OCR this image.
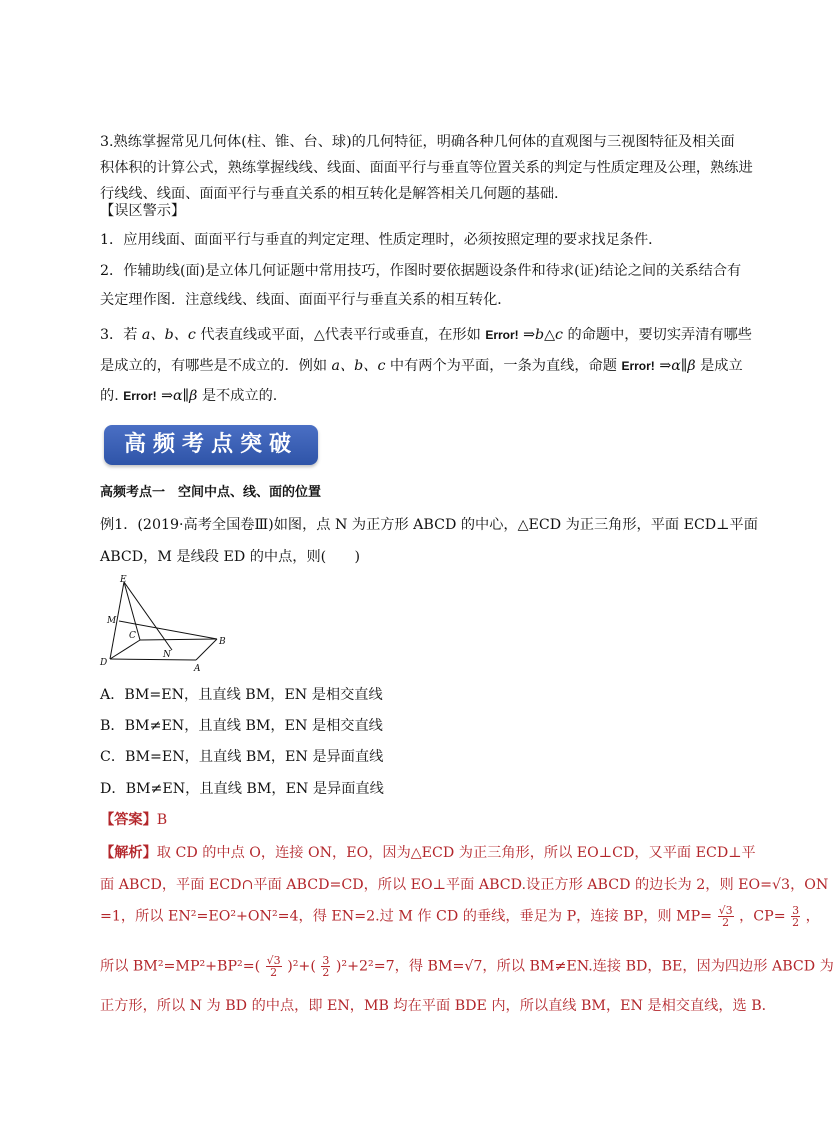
3.熟练掌握常见几何体(柱、锥、台、球)的几何特征，明确各种几何体的直观图与三视图特征及相关面
积体积的计算公式，熟练掌握线线、线面、面面平行与垂直等位置关系的判定与性质定理及公理，熟练进
行线线、线面、面面平行与垂直关系的相互转化是解答相关几何题的基础.
【误区警示】
1．应用线面、面面平行与垂直的判定定理、性质定理时，必须按照定理的要求找足条件．
2．作辅助线(面)是立体几何证题中常用技巧，作图时要依据题设条件和待求(证)结论之间的关系结合有
关定理作图．注意线线、线面、面面平行与垂直关系的相互转化．
3．若 a、b、c 代表直线或平面，△代表平行或垂直，在形如 Error! ⇒b△c 的命题中，要切实弄清有哪些
是成立的，有哪些是不成立的．例如 a、b、c 中有两个为平面，一条为直线，命题 Error! ⇒α∥β 是成立
的. Error! ⇒α∥β 是不成立的.
高频考点突破
高频考点一　空间中点、线、面的位置
例1．(2019·高考全国卷Ⅲ)如图，点 N 为正方形 ABCD 的中心，△ECD 为正三角形，平面 ECD⊥平面
ABCD，M 是线段 ED 的中点，则(　　)
E
M
C
B
N
D
A
A．BM=EN，且直线 BM，EN 是相交直线
B．BM≠EN，且直线 BM，EN 是相交直线
C．BM=EN，且直线 BM，EN 是异面直线
D．BM≠EN，且直线 BM，EN 是异面直线
【答案】B
【解析】取 CD 的中点 O，连接 ON，EO，因为△ECD 为正三角形，所以 EO⊥CD，又平面 ECD⊥平
面 ABCD，平面 ECD∩平面 ABCD=CD，所以 EO⊥平面 ABCD.设正方形 ABCD 的边长为 2，则 EO=√3，ON
=1，所以 EN²=EO²+ON²=4，得 EN=2.过 M 作 CD 的垂线，垂足为 P，连接 BP，则 $MP= \frac{√3}{2}$ ，$CP= \frac{3}{2}$ ，
所以 $BM^2=MP^2+BP^2=( \frac{√3}{2} )^2+( \frac{3}{2} )^2+2^2=7$，得 BM=√7，所以 BM≠EN.连接 BD，BE，因为四边形 ABCD 为
正方形，所以 N 为 BD 的中点，即 EN，MB 均在平面 BDE 内，所以直线 BM，EN 是相交直线，选 B．
